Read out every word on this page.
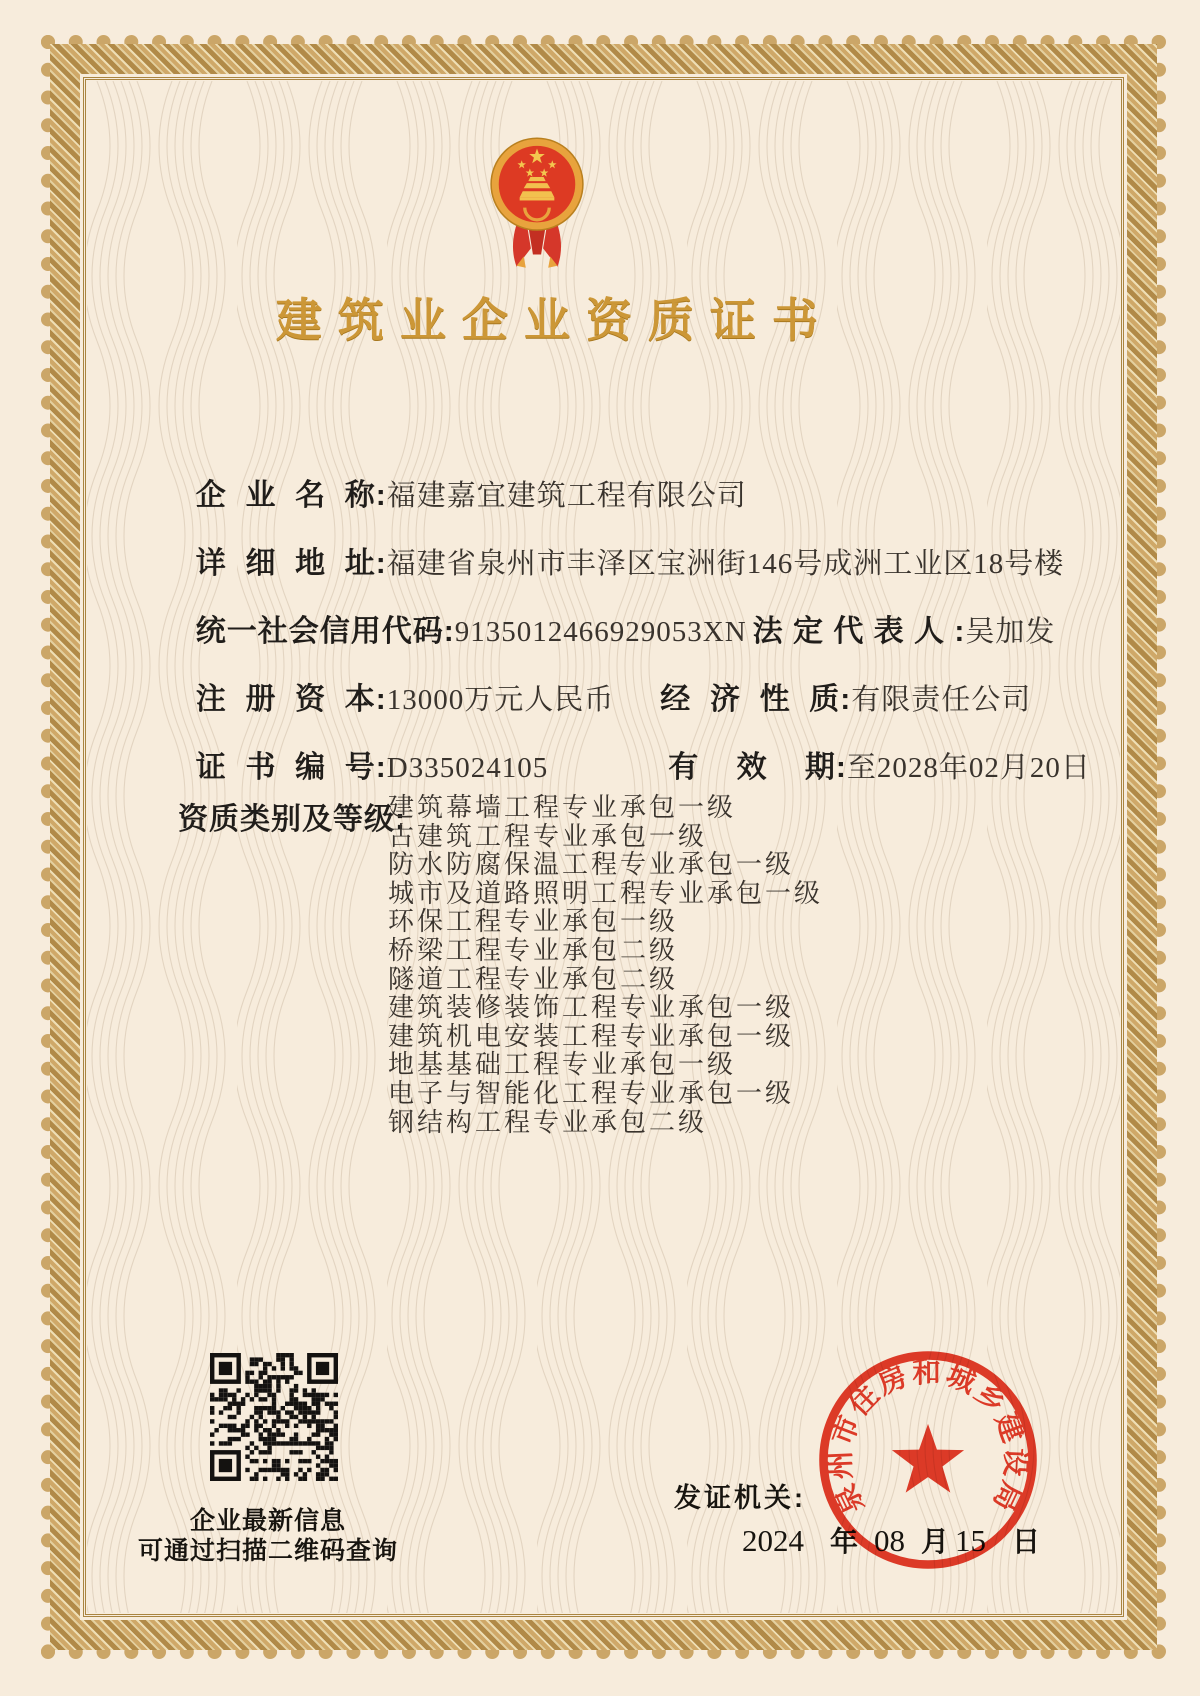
建筑业企业资质证书

企  业  名  称:福建嘉宜建筑工程有限公司

详  细  地  址:福建省泉州市丰泽区宝洲街146号成洲工业区18号楼

统一社会信用代码:9135012466929053XN 法 定 代 表 人 :吴加发

注  册  资  本:13000万元人民币 经  济  性  质:有限责任公司

证  书  编  号:D335024105	有    效    期:至2028年02月20日

资质类别及等级:
建筑幕墙工程专业承包一级
古建筑工程专业承包一级
防水防腐保温工程专业承包一级
城市及道路照明工程专业承包一级
环保工程专业承包一级
桥梁工程专业承包二级
隧道工程专业承包二级
建筑装修装饰工程专业承包一级
建筑机电安装工程专业承包一级
地基基础工程专业承包一级
电子与智能化工程专业承包一级
钢结构工程专业承包二级
企业最新信息
可通过扫描二维码查询
发证机关:
2024 年 08 月 15 日
泉州市住房和城乡建设局
